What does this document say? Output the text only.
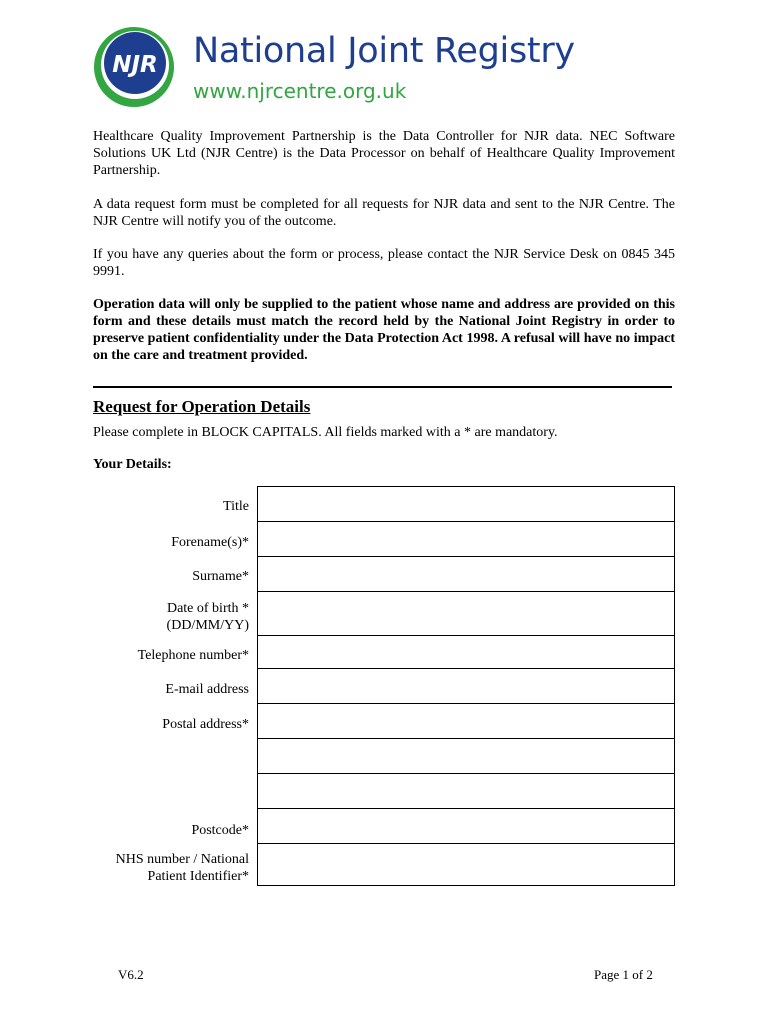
NJR National Joint Registry
www.njrcentre.org.uk

Healthcare Quality Improvement Partnership is the Data Controller for NJR data. NEC Software Solutions UK Ltd (NJR Centre) is the Data Processor on behalf of Healthcare Quality Improvement Partnership.

A data request form must be completed for all requests for NJR data and sent to the NJR Centre. The NJR Centre will notify you of the outcome.

If you have any queries about the form or process, please contact the NJR Service Desk on 0845 345 9991.

Operation data will only be supplied to the patient whose name and address are provided on this form and these details must match the record held by the National Joint Registry in order to preserve patient confidentiality under the Data Protection Act 1998. A refusal will have no impact on the care and treatment provided.

Request for Operation Details
Please complete in BLOCK CAPITALS. All fields marked with a * are mandatory.
Your Details:
Title
Forename(s)*
Surname*
Date of birth *
(DD/MM/YY)
Telephone number*
E-mail address
Postal address*
Postcode*
NHS number / National
Patient Identifier*
V6.2	Page 1 of 2
